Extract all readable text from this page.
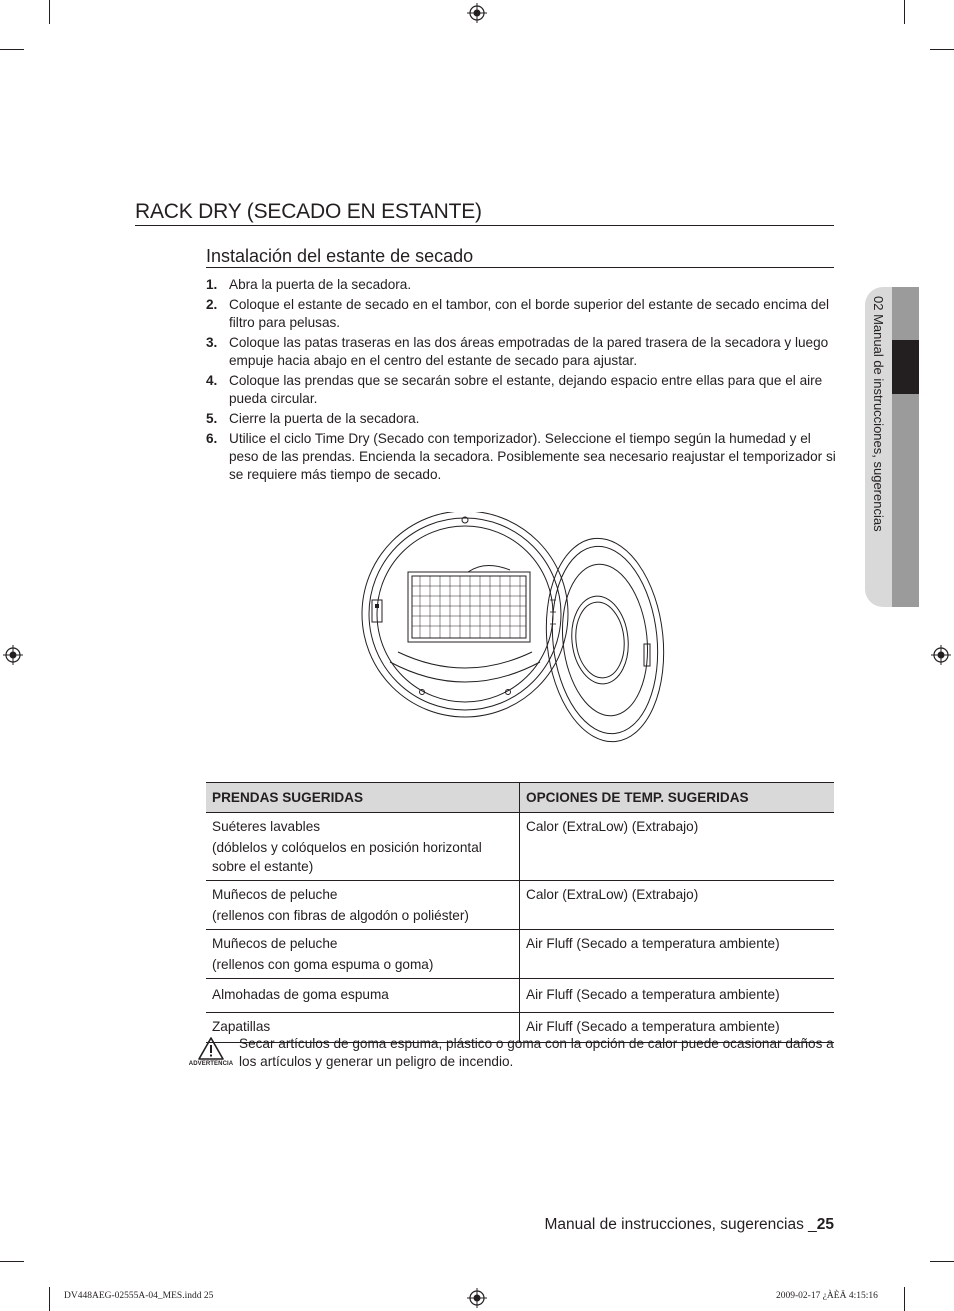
RACK DRY (SECADO EN ESTANTE)
Instalación del estante de secado
1. Abra la puerta de la secadora.
2. Coloque el estante de secado en el tambor, con el borde superior del estante de secado encima del filtro para pelusas.
3. Coloque las patas traseras en las dos áreas empotradas de la pared trasera de la secadora y luego empuje hacia abajo en el centro del estante de secado para ajustar.
4. Coloque las prendas que se secarán sobre el estante, dejando espacio entre ellas para que el aire pueda circular.
5. Cierre la puerta de la secadora.
6. Utilice el ciclo Time Dry (Secado con temporizador). Seleccione el tiempo según la humedad y el peso de las prendas. Encienda la secadora. Posiblemente sea necesario reajustar el temporizador si se requiere más tiempo de secado.
PRENDAS SUGERIDAS	OPCIONES DE TEMP. SUGERIDAS
Suéteres lavables
(dóblelos y colóquelos en posición horizontal sobre el estante)	Calor (ExtraLow) (Extrabajo)
Muñecos de peluche
(rellenos con fibras de algodón o poliéster)	Calor (ExtraLow) (Extrabajo)
Muñecos de peluche
(rellenos con goma espuma o goma)	Air Fluff (Secado a temperatura ambiente)
Almohadas de goma espuma	Air Fluff (Secado a temperatura ambiente)
Zapatillas	Air Fluff (Secado a temperatura ambiente)
ADVERTENCIA
Secar artículos de goma espuma, plástico o goma con la opción de calor puede ocasionar daños a los artículos y generar un peligro de incendio.
02 Manual de instrucciones, sugerencias
Manual de instrucciones, sugerencias _25
DV448AEG-02555A-04_MES.indd 25	2009-02-17 ¿ÀÈÄ 4:15:16
